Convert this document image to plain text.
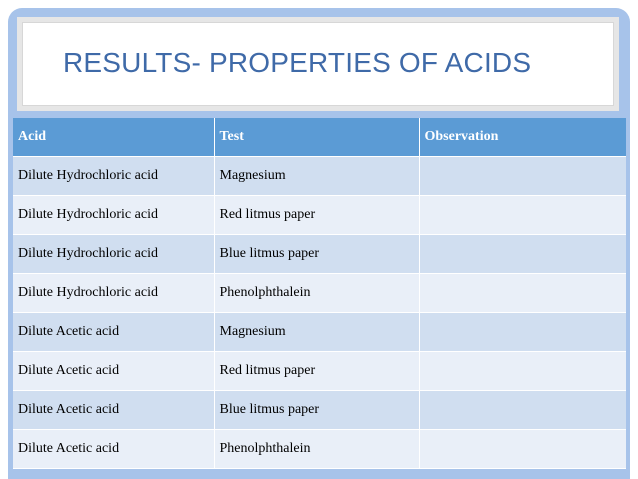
RESULTS- PROPERTIES OF ACIDS
Acid	Test	Observation
Dilute Hydrochloric acid	Magnesium	
Dilute Hydrochloric acid	Red litmus paper	
Dilute Hydrochloric acid	Blue litmus paper	
Dilute Hydrochloric acid	Phenolphthalein	
Dilute Acetic acid	Magnesium	
Dilute Acetic acid	Red litmus paper	
Dilute Acetic acid	Blue litmus paper	
Dilute Acetic acid	Phenolphthalein	
